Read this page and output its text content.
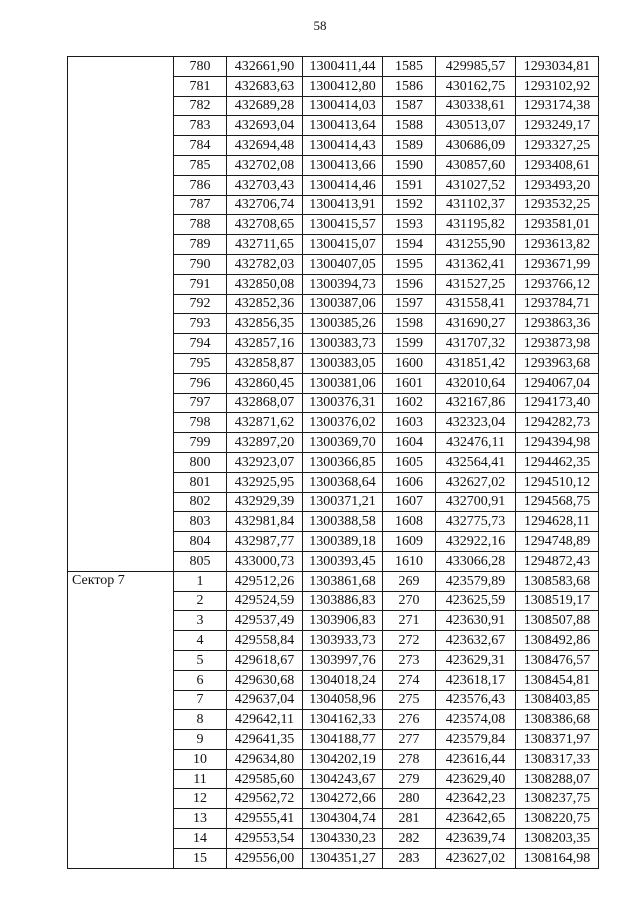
58
	780	432661,90	1300411,44	1585	429985,57	1293034,81
	781	432683,63	1300412,80	1586	430162,75	1293102,92
	782	432689,28	1300414,03	1587	430338,61	1293174,38
	783	432693,04	1300413,64	1588	430513,07	1293249,17
	784	432694,48	1300414,43	1589	430686,09	1293327,25
	785	432702,08	1300413,66	1590	430857,60	1293408,61
	786	432703,43	1300414,46	1591	431027,52	1293493,20
	787	432706,74	1300413,91	1592	431102,37	1293532,25
	788	432708,65	1300415,57	1593	431195,82	1293581,01
	789	432711,65	1300415,07	1594	431255,90	1293613,82
	790	432782,03	1300407,05	1595	431362,41	1293671,99
	791	432850,08	1300394,73	1596	431527,25	1293766,12
	792	432852,36	1300387,06	1597	431558,41	1293784,71
	793	432856,35	1300385,26	1598	431690,27	1293863,36
	794	432857,16	1300383,73	1599	431707,32	1293873,98
	795	432858,87	1300383,05	1600	431851,42	1293963,68
	796	432860,45	1300381,06	1601	432010,64	1294067,04
	797	432868,07	1300376,31	1602	432167,86	1294173,40
	798	432871,62	1300376,02	1603	432323,04	1294282,73
	799	432897,20	1300369,70	1604	432476,11	1294394,98
	800	432923,07	1300366,85	1605	432564,41	1294462,35
	801	432925,95	1300368,64	1606	432627,02	1294510,12
	802	432929,39	1300371,21	1607	432700,91	1294568,75
	803	432981,84	1300388,58	1608	432775,73	1294628,11
	804	432987,77	1300389,18	1609	432922,16	1294748,89
	805	433000,73	1300393,45	1610	433066,28	1294872,43
Сектор 7	1	429512,26	1303861,68	269	423579,89	1308583,68
	2	429524,59	1303886,83	270	423625,59	1308519,17
	3	429537,49	1303906,83	271	423630,91	1308507,88
	4	429558,84	1303933,73	272	423632,67	1308492,86
	5	429618,67	1303997,76	273	423629,31	1308476,57
	6	429630,68	1304018,24	274	423618,17	1308454,81
	7	429637,04	1304058,96	275	423576,43	1308403,85
	8	429642,11	1304162,33	276	423574,08	1308386,68
	9	429641,35	1304188,77	277	423579,84	1308371,97
	10	429634,80	1304202,19	278	423616,44	1308317,33
	11	429585,60	1304243,67	279	423629,40	1308288,07
	12	429562,72	1304272,66	280	423642,23	1308237,75
	13	429555,41	1304304,74	281	423642,65	1308220,75
	14	429553,54	1304330,23	282	423639,74	1308203,35
	15	429556,00	1304351,27	283	423627,02	1308164,98
